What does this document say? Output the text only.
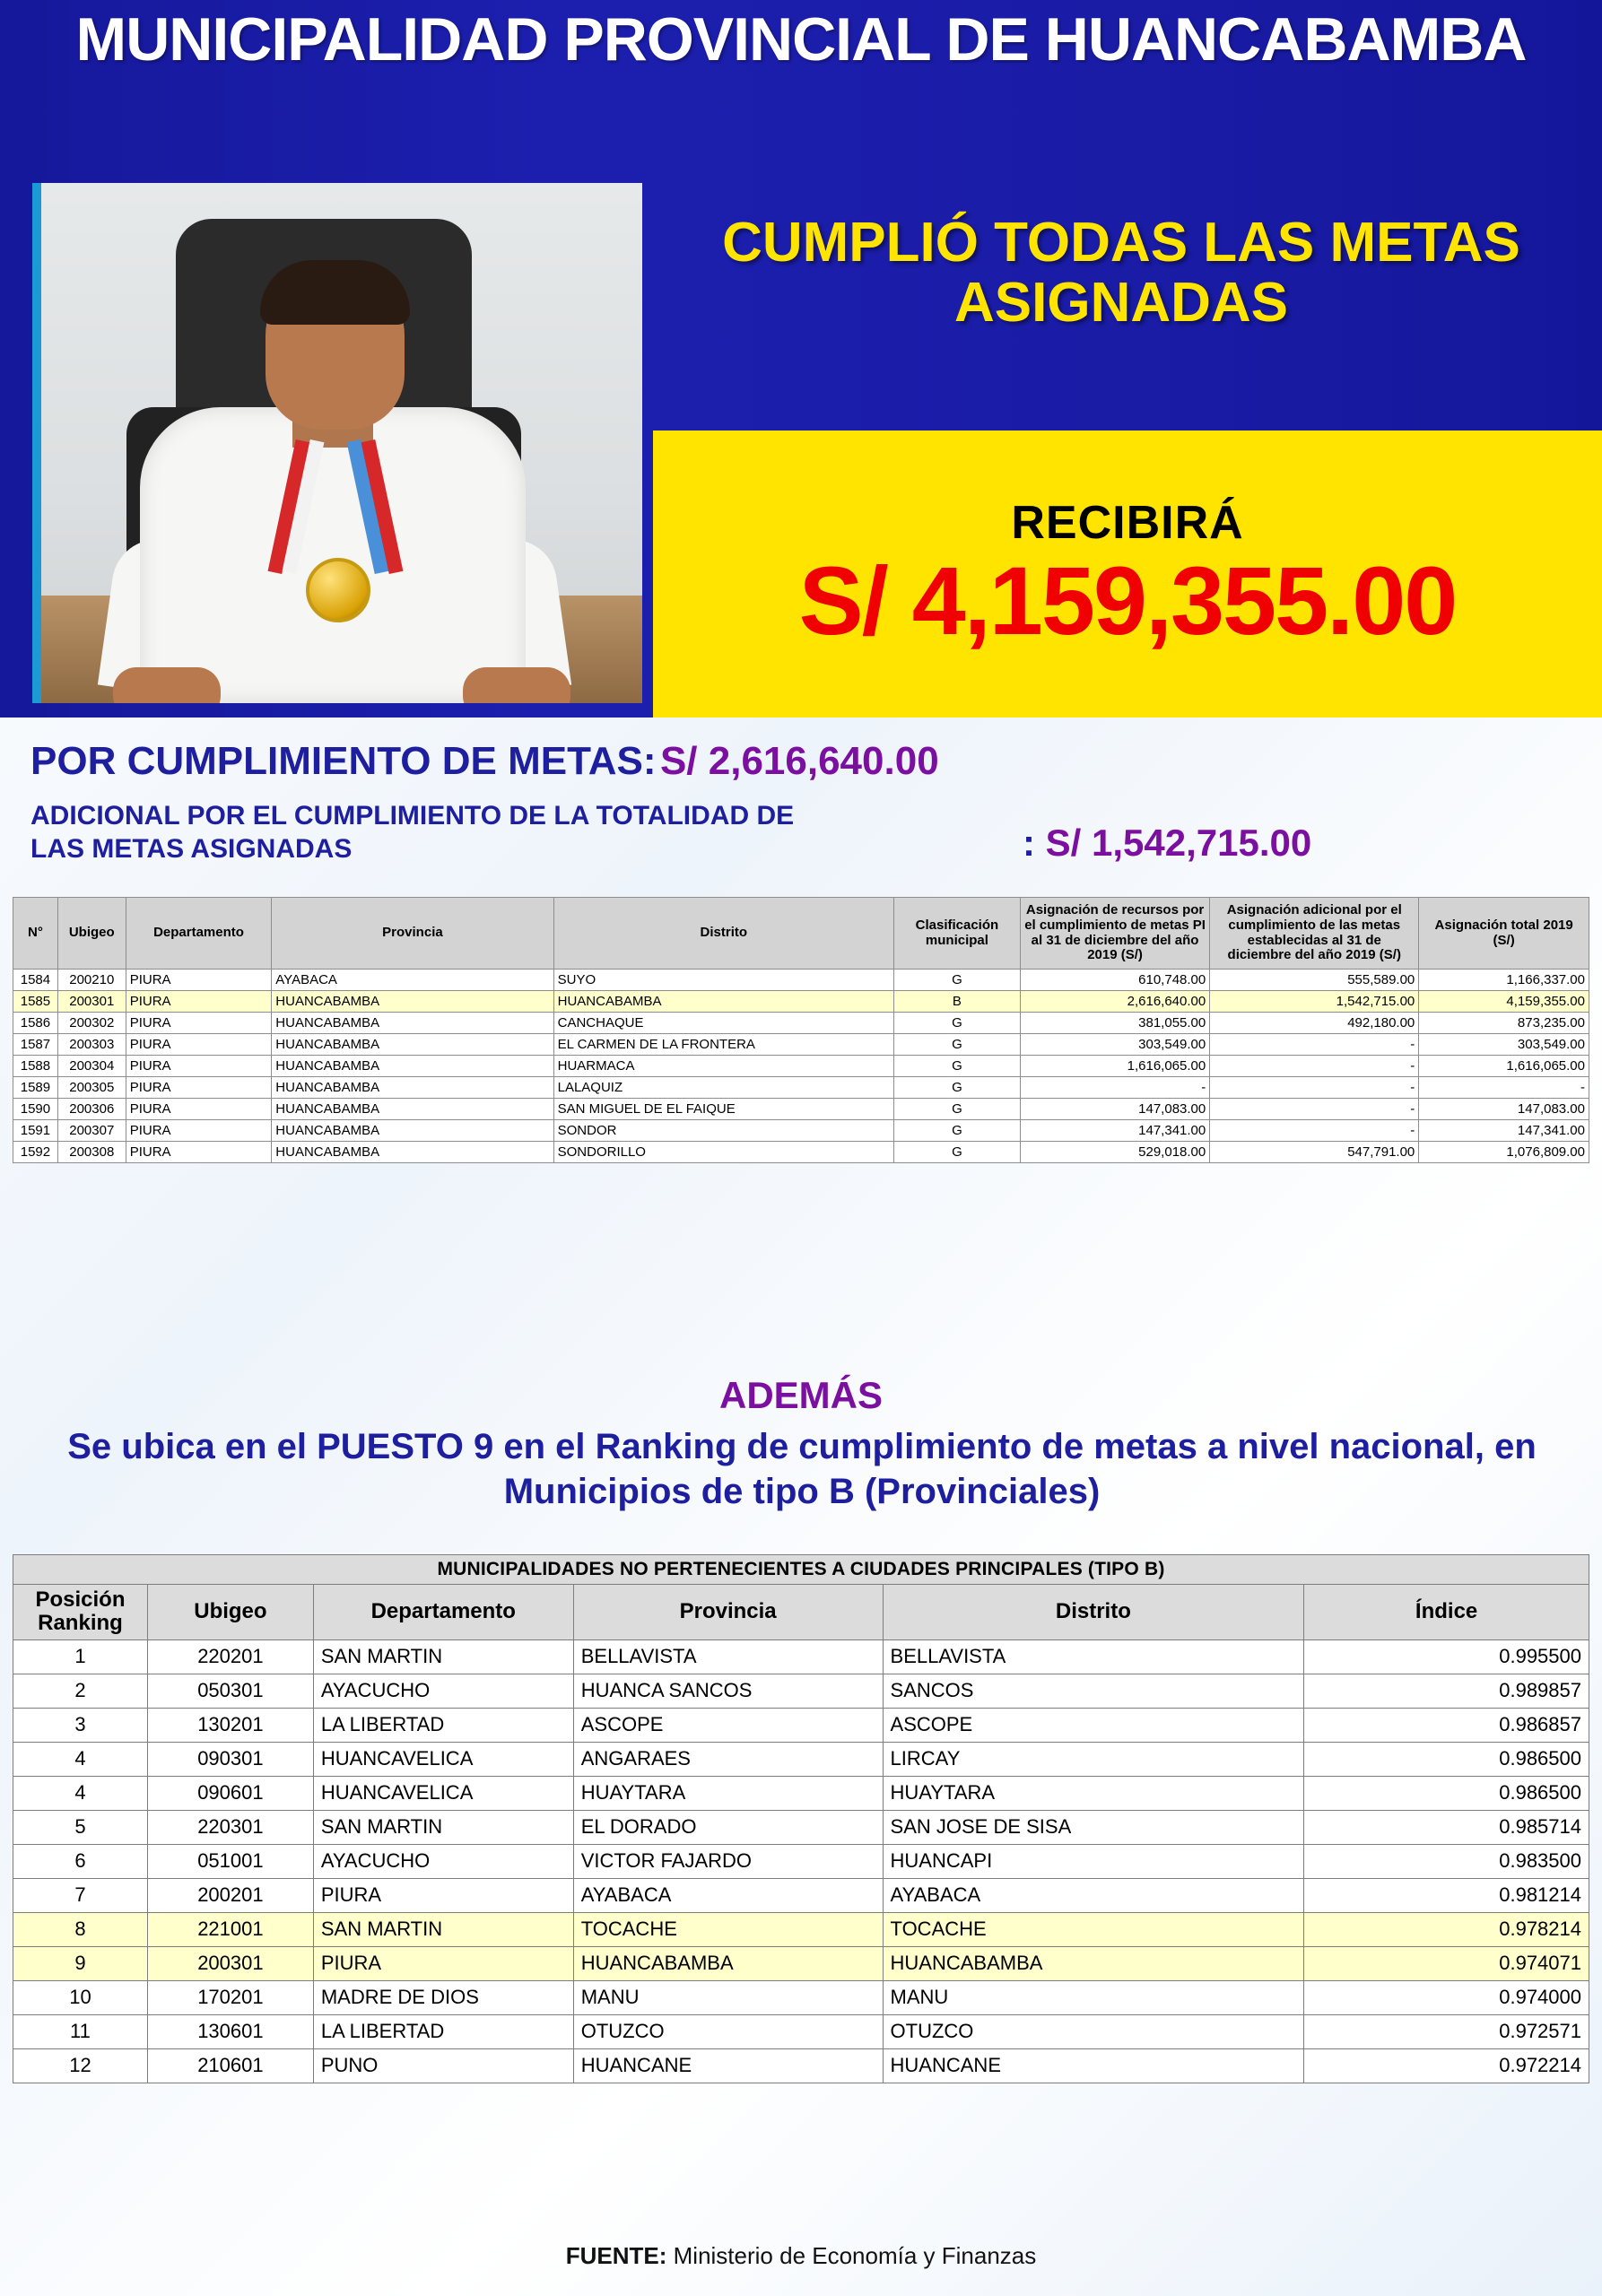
MUNICIPALIDAD PROVINCIAL DE HUANCABAMBA
CUMPLIÓ TODAS LAS METAS ASIGNADAS
RECIBIRÁ
S/ 4,159,355.00
POR CUMPLIMIENTO DE METAS: S/ 2,616,640.00
ADICIONAL POR EL CUMPLIMIENTO DE LA TOTALIDAD DE LAS METAS ASIGNADAS	: S/ 1,542,715.00
N°	Ubigeo	Departamento	Provincia	Distrito	Clasificación municipal	Asignación de recursos por el cumplimiento de metas PI al 31 de diciembre del año 2019 (S/)	Asignación adicional por el cumplimiento de las metas establecidas al 31 de diciembre del año 2019 (S/)	Asignación total 2019 (S/)
1584	200210	PIURA	AYABACA	SUYO	G	610,748.00	555,589.00	1,166,337.00
1585	200301	PIURA	HUANCABAMBA	HUANCABAMBA	B	2,616,640.00	1,542,715.00	4,159,355.00
1586	200302	PIURA	HUANCABAMBA	CANCHAQUE	G	381,055.00	492,180.00	873,235.00
1587	200303	PIURA	HUANCABAMBA	EL CARMEN DE LA FRONTERA	G	303,549.00	-	303,549.00
1588	200304	PIURA	HUANCABAMBA	HUARMACA	G	1,616,065.00	-	1,616,065.00
1589	200305	PIURA	HUANCABAMBA	LALAQUIZ	G	-	-	-
1590	200306	PIURA	HUANCABAMBA	SAN MIGUEL DE EL FAIQUE	G	147,083.00	-	147,083.00
1591	200307	PIURA	HUANCABAMBA	SONDOR	G	147,341.00	-	147,341.00
1592	200308	PIURA	HUANCABAMBA	SONDORILLO	G	529,018.00	547,791.00	1,076,809.00
ADEMÁS
Se ubica en el PUESTO 9 en el Ranking de cumplimiento de metas a nivel nacional, en Municipios de tipo B (Provinciales)
MUNICIPALIDADES NO PERTENECIENTES A CIUDADES PRINCIPALES (TIPO B)					
Posición Ranking	Ubigeo	Departamento	Provincia	Distrito	Índice
1	220201	SAN MARTIN	BELLAVISTA	BELLAVISTA	0.995500
2	050301	AYACUCHO	HUANCA SANCOS	SANCOS	0.989857
3	130201	LA LIBERTAD	ASCOPE	ASCOPE	0.986857
4	090301	HUANCAVELICA	ANGARAES	LIRCAY	0.986500
4	090601	HUANCAVELICA	HUAYTARA	HUAYTARA	0.986500
5	220301	SAN MARTIN	EL DORADO	SAN JOSE DE SISA	0.985714
6	051001	AYACUCHO	VICTOR FAJARDO	HUANCAPI	0.983500
7	200201	PIURA	AYABACA	AYABACA	0.981214
8	221001	SAN MARTIN	TOCACHE	TOCACHE	0.978214
9	200301	PIURA	HUANCABAMBA	HUANCABAMBA	0.974071
10	170201	MADRE DE DIOS	MANU	MANU	0.974000
11	130601	LA LIBERTAD	OTUZCO	OTUZCO	0.972571
12	210601	PUNO	HUANCANE	HUANCANE	0.972214
FUENTE: Ministerio de Economía y Finanzas
